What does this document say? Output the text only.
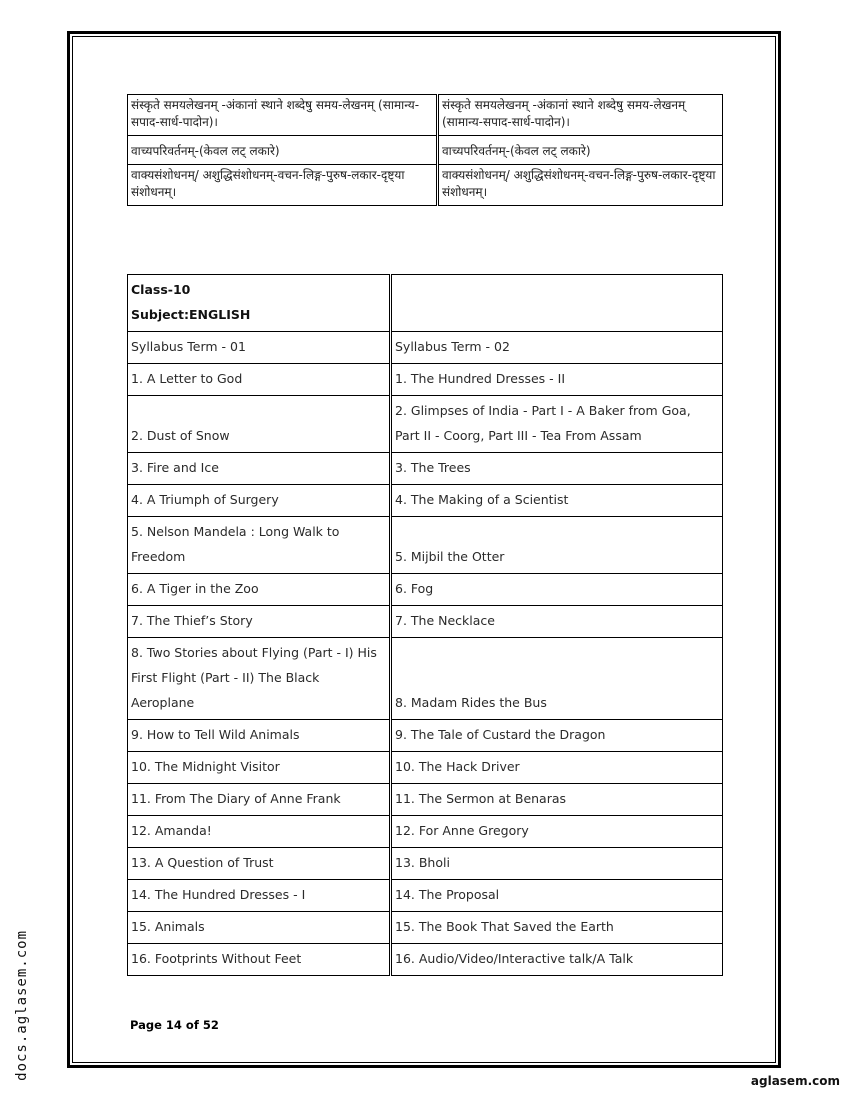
संस्कृते समयलेखनम् -अंकानां स्थाने शब्देषु समय-लेखनम् (सामान्य-सपाद-सार्ध-पादोन)।	संस्कृते समयलेखनम् -अंकानां स्थाने शब्देषु समय-लेखनम् (सामान्य-सपाद-सार्ध-पादोन)।
वाच्यपरिवर्तनम्-(केवल लट् लकारे)	वाच्यपरिवर्तनम्-(केवल लट् लकारे)
वाक्यसंशोधनम्/ अशुद्धिसंशोधनम्-वचन-लिङ्ग-पुरुष-लकार-दृष्ट्या संशोधनम्।	वाक्यसंशोधनम्/ अशुद्धिसंशोधनम्-वचन-लिङ्ग-पुरुष-लकार-दृष्ट्या संशोधनम्।
Class-10
Subject:ENGLISH	

Syllabus Term - 01	Syllabus Term - 02
1. A Letter to God	1. The Hundred Dresses - II
2. Dust of Snow	2. Glimpses of India - Part I - A Baker from Goa, Part II - Coorg, Part III - Tea From Assam
3. Fire and Ice	3. The Trees
4. A Triumph of Surgery	4. The Making of a Scientist
5. Nelson Mandela : Long Walk to Freedom	5. Mijbil the Otter
6. A Tiger in the Zoo	6. Fog
7. The Thief’s Story	7. The Necklace
8. Two Stories about Flying (Part - I) His First Flight (Part - II) The Black Aeroplane	8. Madam Rides the Bus
9. How to Tell Wild Animals	9. The Tale of Custard the Dragon
10. The Midnight Visitor	10. The Hack Driver
11. From The Diary of Anne Frank	11. The Sermon at Benaras
12. Amanda!	12. For Anne Gregory
13. A Question of Trust	13. Bholi
14. The Hundred Dresses - I	14. The Proposal
15. Animals	15. The Book That Saved the Earth
16. Footprints Without Feet	16. Audio/Video/Interactive talk/A Talk
Page 14 of 52
docs.aglasem.com
aglasem.com
